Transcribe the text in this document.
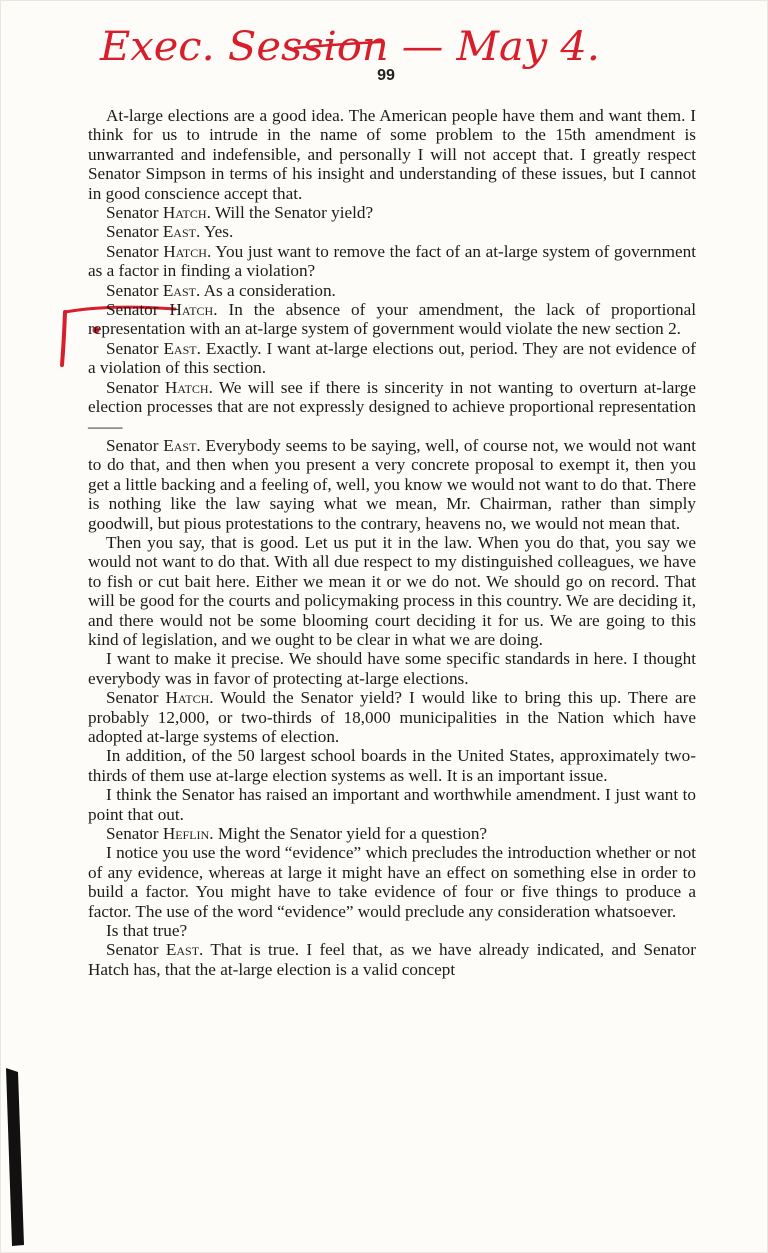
Exec. Session — May 4.
99

At-large elections are a good idea. The American people have them and want them. I think for us to intrude in the name of some problem to the 15th amendment is unwarranted and indefensible, and personally I will not accept that. I greatly respect Senator Simpson in terms of his insight and understanding of these issues, but I cannot in good conscience accept that.

Senator Hatch. Will the Senator yield?

Senator East. Yes.

Senator Hatch. You just want to remove the fact of an at-large system of government as a factor in finding a violation?

Senator East. As a consideration.

Senator Hatch. In the absence of your amendment, the lack of proportional representation with an at-large system of government would violate the new section 2.

Senator East. Exactly. I want at-large elections out, period. They are not evidence of a violation of this section.

Senator Hatch. We will see if there is sincerity in not wanting to overturn at-large election processes that are not expressly designed to achieve proportional representation——

Senator East. Everybody seems to be saying, well, of course not, we would not want to do that, and then when you present a very concrete proposal to exempt it, then you get a little backing and a feeling of, well, you know we would not want to do that. There is nothing like the law saying what we mean, Mr. Chairman, rather than simply goodwill, but pious protestations to the contrary, heavens no, we would not mean that.

Then you say, that is good. Let us put it in the law. When you do that, you say we would not want to do that. With all due respect to my distinguished colleagues, we have to fish or cut bait here. Either we mean it or we do not. We should go on record. That will be good for the courts and policymaking process in this country. We are deciding it, and there would not be some blooming court deciding it for us. We are going to this kind of legislation, and we ought to be clear in what we are doing.

I want to make it precise. We should have some specific standards in here. I thought everybody was in favor of protecting at-large elections.

Senator Hatch. Would the Senator yield? I would like to bring this up. There are probably 12,000, or two-thirds of 18,000 municipalities in the Nation which have adopted at-large systems of election.

In addition, of the 50 largest school boards in the United States, approximately two-thirds of them use at-large election systems as well. It is an important issue.

I think the Senator has raised an important and worthwhile amendment. I just want to point that out.

Senator Heflin. Might the Senator yield for a question?

I notice you use the word “evidence” which precludes the introduction whether or not of any evidence, whereas at large it might have an effect on something else in order to build a factor. You might have to take evidence of four or five things to produce a factor. The use of the word “evidence” would preclude any consideration whatsoever.

Is that true?

Senator East. That is true. I feel that, as we have already indicated, and Senator Hatch has, that the at-large election is a valid concept
